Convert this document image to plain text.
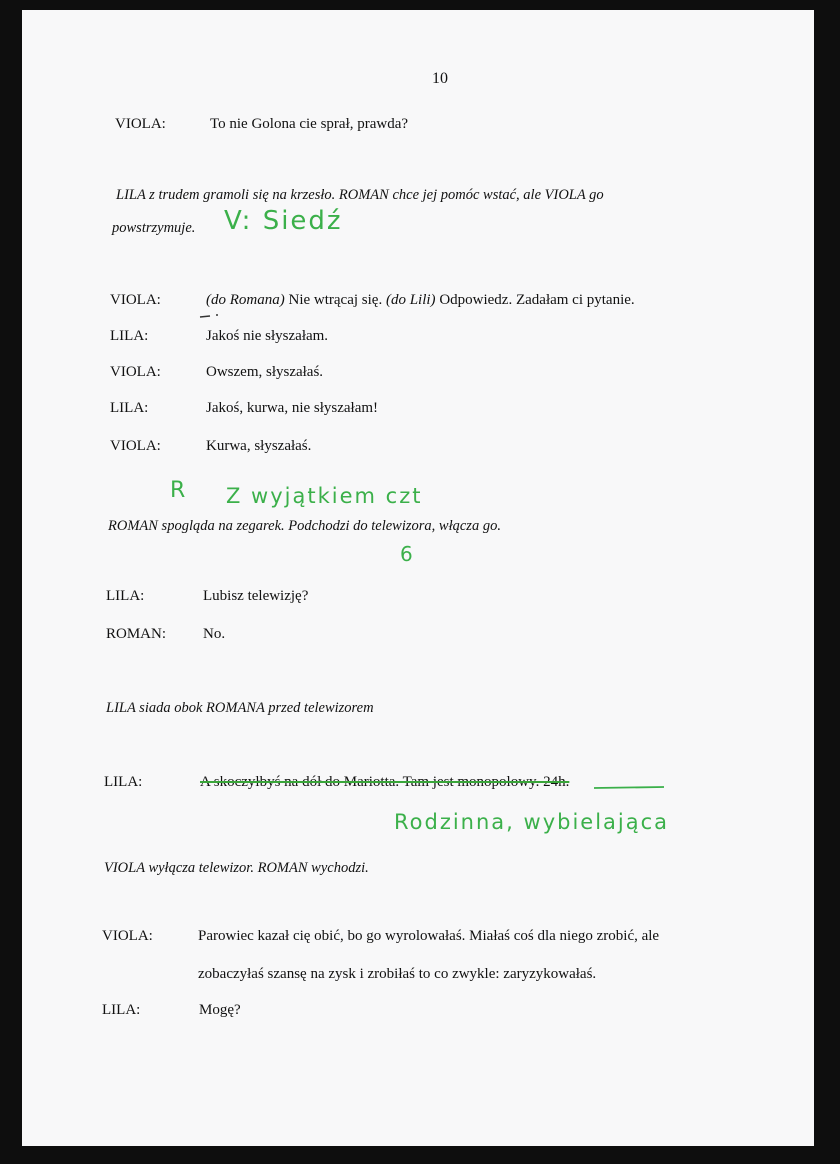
10
VIOLA:	To nie Golona cie sprał, prawda?
LILA z trudem gramoli się na krzesło. ROMAN chce jej pomóc wstać, ale VIOLA go
powstrzymuje.
VIOLA:	(do Romana) Nie wtrącaj się. (do Lili) Odpowiedz. Zadałam ci pytanie.
LILA:	Jakoś nie słyszałam.
VIOLA:	Owszem, słyszałaś.
LILA:	Jakoś, kurwa, nie słyszałam!
VIOLA:	Kurwa, słyszałaś.
ROMAN spogląda na zegarek. Podchodzi do telewizora, włącza go.
LILA:	Lubisz telewizję?
ROMAN: No.
LILA siada obok ROMANA przed telewizorem
LILA:	A skoczyłbyś na dół do Mariotta. Tam jest monopolowy. 24h.
VIOLA wyłącza telewizor. ROMAN wychodzi.
VIOLA:	Parowiec kazał cię obić, bo go wyrolowałaś. Miałaś coś dla niego zrobić, ale
zobaczyłaś szansę na zysk i zrobiłaś to co zwykle: zaryzykowałaś.
LILA:	Mogę?
V: Siedź
R Z wyjątkiem czt
6
Rodzinna, wybielająca
